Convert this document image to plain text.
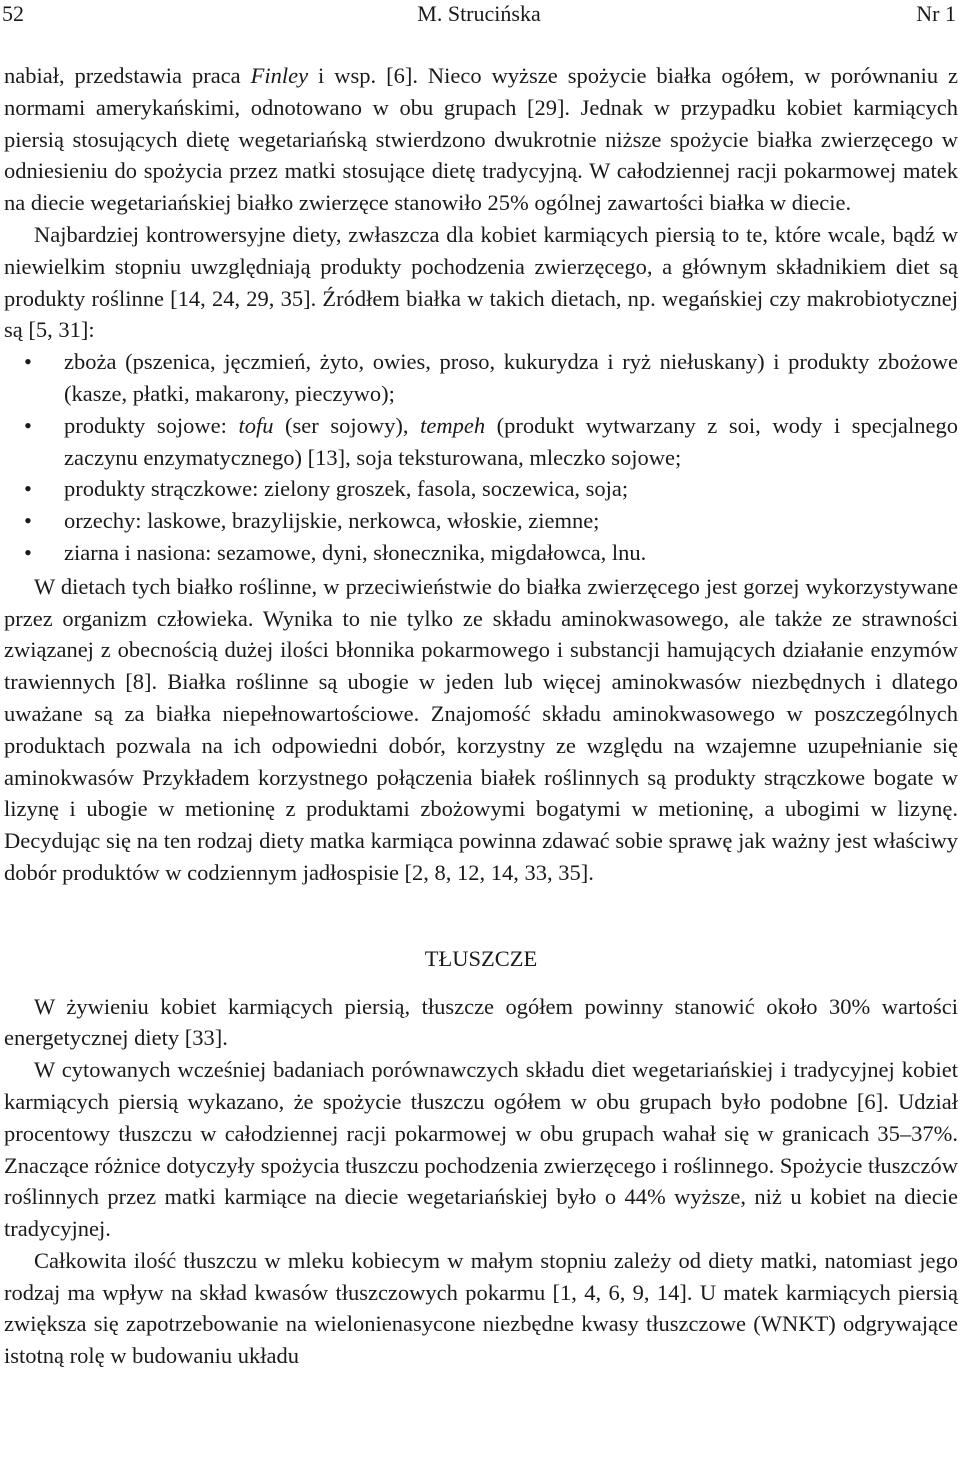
52	M. Strucińska	Nr 1

nabiał, przedstawia praca Finley i wsp. [6]. Nieco wyższe spożycie białka ogółem, w porównaniu z normami amerykańskimi, odnotowano w obu grupach [29]. Jednak w przypadku kobiet karmiących piersią stosujących dietę wegetariańską stwierdzono dwukrotnie niższe spożycie białka zwierzęcego w odniesieniu do spożycia przez matki stosujące dietę tradycyjną. W całodziennej racji pokarmowej matek na diecie wegetariańskiej białko zwierzęce stanowiło 25% ogólnej zawartości białka w diecie.

Najbardziej kontrowersyjne diety, zwłaszcza dla kobiet karmiących piersią to te, które wcale, bądź w niewielkim stopniu uwzględniają produkty pochodzenia zwierzęcego, a głównym składnikiem diet są produkty roślinne [14, 24, 29, 35]. Źródłem białka w takich dietach, np. wegańskiej czy makrobiotycznej są [5, 31]:

• zboża (pszenica, jęczmień, żyto, owies, proso, kukurydza i ryż niełuskany) i produkty zbożowe (kasze, płatki, makarony, pieczywo);
• produkty sojowe: tofu (ser sojowy), tempeh (produkt wytwarzany z soi, wody i specjalnego zaczynu enzymatycznego) [13], soja teksturowana, mleczko sojowe;
• produkty strączkowe: zielony groszek, fasola, soczewica, soja;
• orzechy: laskowe, brazylijskie, nerkowca, włoskie, ziemne;
• ziarna i nasiona: sezamowe, dyni, słonecznika, migdałowca, lnu.

W dietach tych białko roślinne, w przeciwieństwie do białka zwierzęcego jest gorzej wykorzystywane przez organizm człowieka. Wynika to nie tylko ze składu aminokwasowego, ale także ze strawności związanej z obecnością dużej ilości błonnika pokarmowego i substancji hamujących działanie enzymów trawiennych [8]. Białka roślinne są ubogie w jeden lub więcej aminokwasów niezbędnych i dlatego uważane są za białka niepełnowartościowe. Znajomość składu aminokwasowego w poszczególnych produktach pozwala na ich odpowiedni dobór, korzystny ze względu na wzajemne uzupełnianie się aminokwasów Przykładem korzystnego połączenia białek roślinnych są produkty strączkowe bogate w lizynę i ubogie w metioninę z produktami zbożowymi bogatymi w metioninę, a ubogimi w lizynę. Decydując się na ten rodzaj diety matka karmiąca powinna zdawać sobie sprawę jak ważny jest właściwy dobór produktów w codziennym jadłospisie [2, 8, 12, 14, 33, 35].

TŁUSZCZE

W żywieniu kobiet karmiących piersią, tłuszcze ogółem powinny stanowić około 30% wartości energetycznej diety [33].

W cytowanych wcześniej badaniach porównawczych składu diet wegetariańskiej i tradycyjnej kobiet karmiących piersią wykazano, że spożycie tłuszczu ogółem w obu grupach było podobne [6]. Udział procentowy tłuszczu w całodziennej racji pokarmowej w obu grupach wahał się w granicach 35–37%. Znaczące różnice dotyczyły spożycia tłuszczu pochodzenia zwierzęcego i roślinnego. Spożycie tłuszczów roślinnych przez matki karmiące na diecie wegetariańskiej było o 44% wyższe, niż u kobiet na diecie tradycyjnej.

Całkowita ilość tłuszczu w mleku kobiecym w małym stopniu zależy od diety matki, natomiast jego rodzaj ma wpływ na skład kwasów tłuszczowych pokarmu [1, 4, 6, 9, 14]. U matek karmiących piersią zwiększa się zapotrzebowanie na wielonienasycone niezbędne kwasy tłuszczowe (WNKT) odgrywające istotną rolę w budowaniu układu
